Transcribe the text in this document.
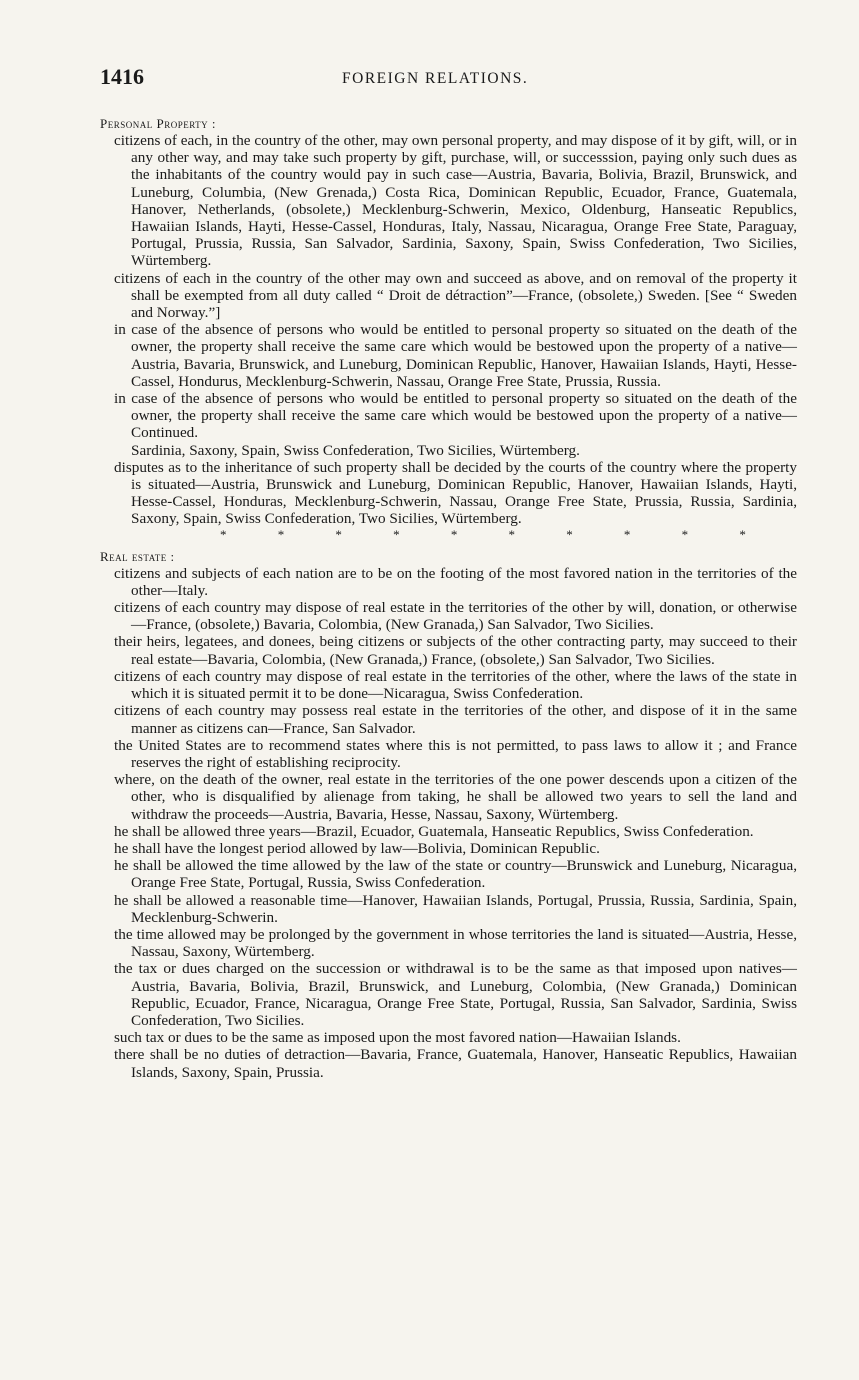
1416	FOREIGN RELATIONS.
Personal Property :

citizens of each, in the country of the other, may own personal property, and may dispose of it by gift, will, or in any other way, and may take such property by gift, purchase, will, or successsion, paying only such dues as the inhabitants of the country would pay in such case—Austria, Bavaria, Bolivia, Brazil, Brunswick, and Luneburg, Columbia, (New Grenada,) Costa Rica, Dominican Republic, Ecuador, France, Guatemala, Hanover, Netherlands, (obsolete,) Mecklenburg-Schwerin, Mexico, Oldenburg, Hanseatic Republics, Hawaiian Islands, Hayti, Hesse-Cassel, Honduras, Italy, Nassau, Nicaragua, Orange Free State, Paraguay, Portugal, Prussia, Russia, San Salvador, Sardinia, Saxony, Spain, Swiss Confederation, Two Sicilies, Würtemberg.

citizens of each in the country of the other may own and succeed as above, and on removal of the property it shall be exempted from all duty called “ Droit de détraction”—France, (obsolete,) Sweden. [See “ Sweden and Norway.”]

in case of the absence of persons who would be entitled to personal property so situated on the death of the owner, the property shall receive the same care which would be bestowed upon the property of a native—Austria, Bavaria, Brunswick, and Luneburg, Dominican Republic, Hanover, Hawaiian Islands, Hayti, Hesse-Cassel, Hondurus, Mecklenburg-Schwerin, Nassau, Orange Free State, Prussia, Russia.

in case of the absence of persons who would be entitled to personal property so situated on the death of the owner, the property shall receive the same care which would be bestowed upon the property of a native—Continued.

Sardinia, Saxony, Spain, Swiss Confederation, Two Sicilies, Würtemberg.

disputes as to the inheritance of such property shall be decided by the courts of the country where the property is situated—Austria, Brunswick and Luneburg, Dominican Republic, Hanover, Hawaiian Islands, Hayti, Hesse-Cassel, Honduras, Mecklenburg-Schwerin, Nassau, Orange Free State, Prussia, Russia, Sardinia, Saxony, Spain, Swiss Confederation, Two Sicilies, Würtemberg.

*	*	*	*	*	*	*	*	*	*
Real estate :

citizens and subjects of each nation are to be on the footing of the most favored nation in the territories of the other—Italy.

citizens of each country may dispose of real estate in the territories of the other by will, donation, or otherwise—France, (obsolete,) Bavaria, Colombia, (New Granada,) San Salvador, Two Sicilies.

their heirs, legatees, and donees, being citizens or subjects of the other contracting party, may succeed to their real estate—Bavaria, Colombia, (New Granada,) France, (obsolete,) San Salvador, Two Sicilies.

citizens of each country may dispose of real estate in the territories of the other, where the laws of the state in which it is situated permit it to be done—Nicaragua, Swiss Confederation.

citizens of each country may possess real estate in the territories of the other, and dispose of it in the same manner as citizens can—France, San Salvador.

the United States are to recommend states where this is not permitted, to pass laws to allow it ; and France reserves the right of establishing reciprocity.

where, on the death of the owner, real estate in the territories of the one power descends upon a citizen of the other, who is disqualified by alienage from taking, he shall be allowed two years to sell the land and withdraw the proceeds—Austria, Bavaria, Hesse, Nassau, Saxony, Würtemberg.

he shall be allowed three years—Brazil, Ecuador, Guatemala, Hanseatic Republics, Swiss Confederation.

he shall have the longest period allowed by law—Bolivia, Dominican Republic.

he shall be allowed the time allowed by the law of the state or country—Brunswick and Luneburg, Nicaragua, Orange Free State, Portugal, Russia, Swiss Confederation.

he shall be allowed a reasonable time—Hanover, Hawaiian Islands, Portugal, Prussia, Russia, Sardinia, Spain, Mecklenburg-Schwerin.

the time allowed may be prolonged by the government in whose territories the land is situated—Austria, Hesse, Nassau, Saxony, Würtemberg.

the tax or dues charged on the succession or withdrawal is to be the same as that imposed upon natives—Austria, Bavaria, Bolivia, Brazil, Brunswick, and Luneburg, Colombia, (New Granada,) Dominican Republic, Ecuador, France, Nicaragua, Orange Free State, Portugal, Russia, San Salvador, Sardinia, Swiss Confederation, Two Sicilies.

such tax or dues to be the same as imposed upon the most favored nation—Hawaiian Islands.

there shall be no duties of detraction—Bavaria, France, Guatemala, Hanover, Hanseatic Republics, Hawaiian Islands, Saxony, Spain, Prussia.
